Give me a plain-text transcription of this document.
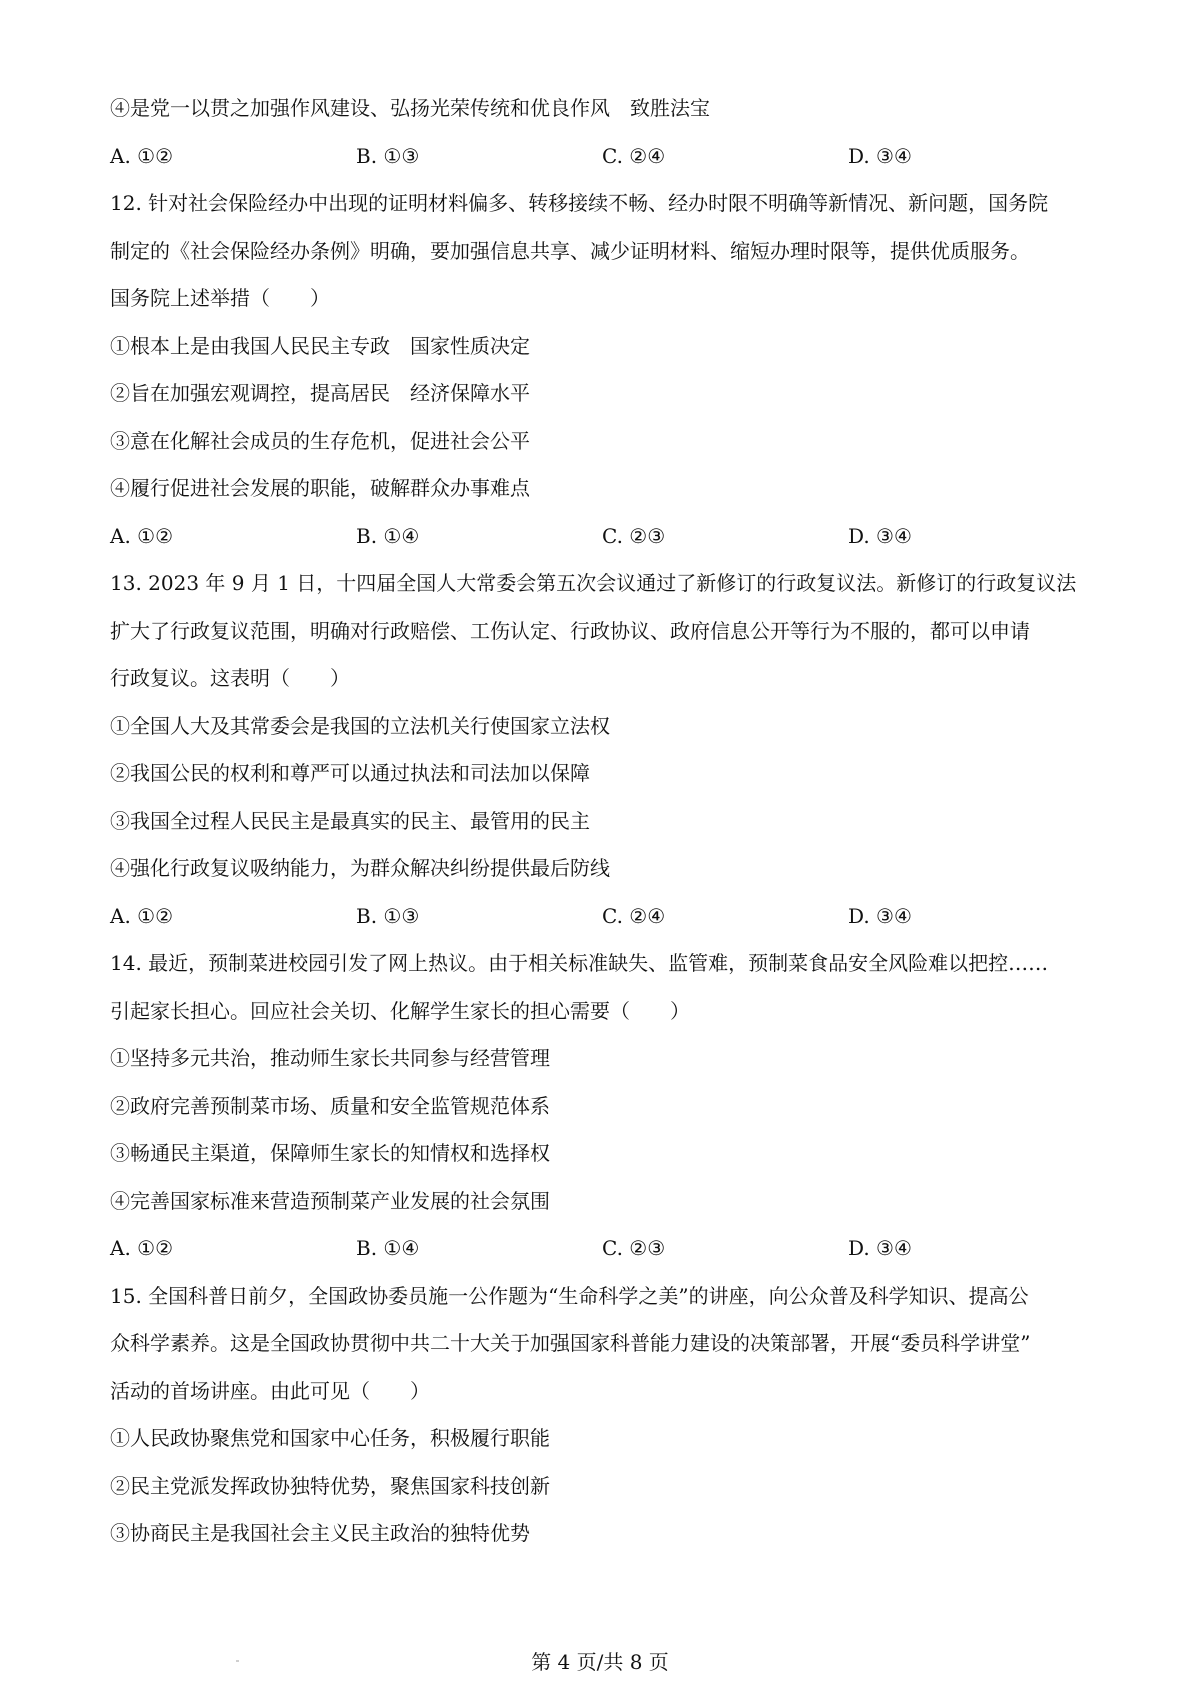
④是党一以贯之加强作风建设、弘扬光荣传统和优良作风　致胜法宝

A. ①②	B. ①③	C. ②④	D. ③④

12. 针对社会保险经办中出现的证明材料偏多、转移接续不畅、经办时限不明确等新情况、新问题，国务院

制定的《社会保险经办条例》明确，要加强信息共享、减少证明材料、缩短办理时限等，提供优质服务。

国务院上述举措（　　）

①根本上是由我国人民民主专政　国家性质决定

②旨在加强宏观调控，提高居民　经济保障水平

③意在化解社会成员的生存危机，促进社会公平

④履行促进社会发展的职能，破解群众办事难点

A. ①②	B. ①④	C. ②③	D. ③④

13. 2023 年 9 月 1 日，十四届全国人大常委会第五次会议通过了新修订的行政复议法。新修订的行政复议法

扩大了行政复议范围，明确对行政赔偿、工伤认定、行政协议、政府信息公开等行为不服的，都可以申请

行政复议。这表明（　　）

①全国人大及其常委会是我国的立法机关行使国家立法权

②我国公民的权利和尊严可以通过执法和司法加以保障

③我国全过程人民民主是最真实的民主、最管用的民主

④强化行政复议吸纳能力，为群众解决纠纷提供最后防线

A. ①②	B. ①③	C. ②④	D. ③④

14. 最近，预制菜进校园引发了网上热议。由于相关标准缺失、监管难，预制菜食品安全风险难以把控……

引起家长担心。回应社会关切、化解学生家长的担心需要（　　）

①坚持多元共治，推动师生家长共同参与经营管理

②政府完善预制菜市场、质量和安全监管规范体系

③畅通民主渠道，保障师生家长的知情权和选择权

④完善国家标准来营造预制菜产业发展的社会氛围

A. ①②	B. ①④	C. ②③	D. ③④

15. 全国科普日前夕，全国政协委员施一公作题为“生命科学之美”的讲座，向公众普及科学知识、提高公

众科学素养。这是全国政协贯彻中共二十大关于加强国家科普能力建设的决策部署，开展“委员科学讲堂”

活动的首场讲座。由此可见（　　）

①人民政协聚焦党和国家中心任务，积极履行职能

②民主党派发挥政协独特优势，聚焦国家科技创新

③协商民主是我国社会主义民主政治的独特优势

第 4 页/共 8 页
